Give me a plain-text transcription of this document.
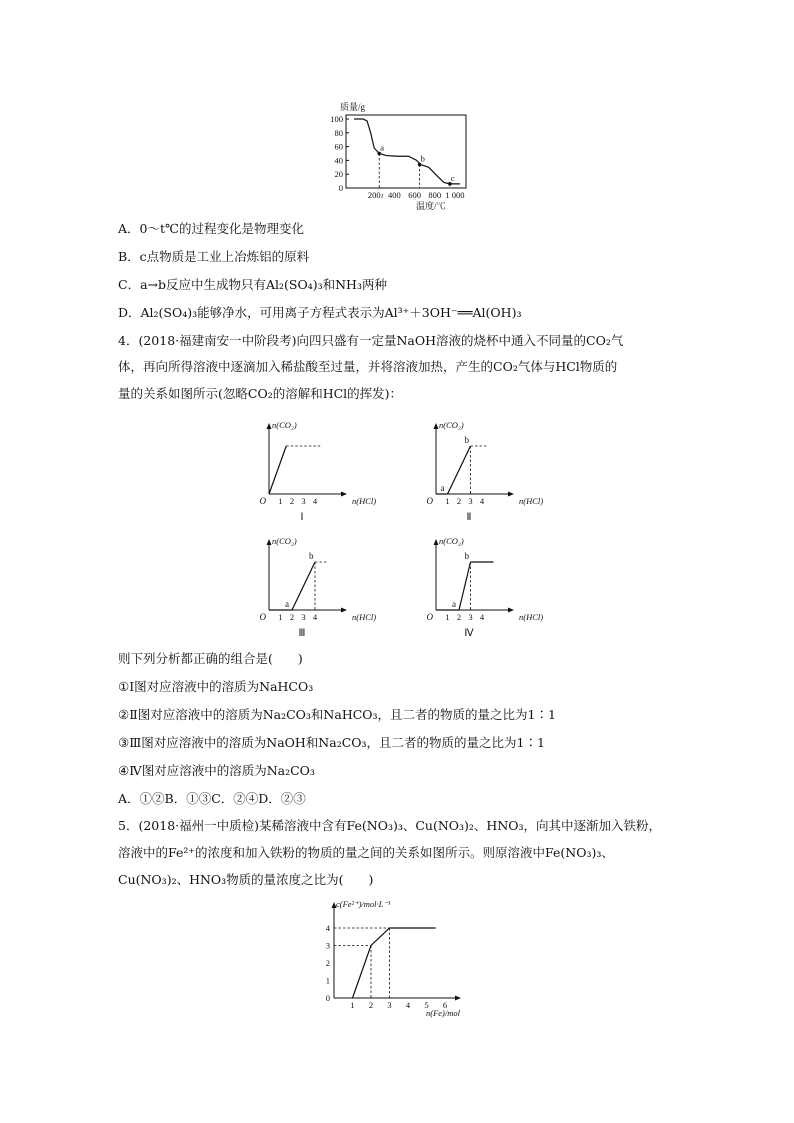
质量/g
100
80
60
40
20
0
200 t 400 600 800 1 000
a
b
c
温度/℃
A．0～t℃的过程变化是物理变化
B．c点物质是工业上冶炼铝的原料
C．a→b反应中生成物只有Al₂(SO₄)₃和NH₃两种
D．Al₂(SO₄)₃能够净水，可用离子方程式表示为Al³⁺＋3OH⁻══Al(OH)₃
4．(2018·福建南安一中阶段考)向四只盛有一定量NaOH溶液的烧杯中通入不同量的CO₂气
体，再向所得溶液中逐滴加入稀盐酸至过量，并将溶液加热，产生的CO₂气体与HCl物质的
量的关系如图所示(忽略CO₂的溶解和HCl的挥发)：
n(CO₂)
O 1 2 3 4	n(HCl)
Ⅰ
n(CO₂)
O 1 2 3 4	n(HCl)
Ⅱ
b
a
n(CO₂)
O 1 2 3 4	n(HCl)
Ⅲ
b
a
n(CO₂)
O 1 2 3 4	n(HCl)
Ⅳ
b
a
则下列分析都正确的组合是(　　)
①Ⅰ图对应溶液中的溶质为NaHCO₃
②Ⅱ图对应溶液中的溶质为Na₂CO₃和NaHCO₃，且二者的物质的量之比为1∶1
③Ⅲ图对应溶液中的溶质为NaOH和Na₂CO₃，且二者的物质的量之比为1∶1
④Ⅳ图对应溶液中的溶质为Na₂CO₃
A．①②B．①③C．②④D．②③
5．(2018·福州一中质检)某稀溶液中含有Fe(NO₃)₃、Cu(NO₃)₂、HNO₃，向其中逐渐加入铁粉，
溶液中的Fe²⁺的浓度和加入铁粉的物质的量之间的关系如图所示。则原溶液中Fe(NO₃)₃、
Cu(NO₃)₂、HNO₃物质的量浓度之比为(　　)
c(Fe²⁺)/mol·L⁻¹
4
3
2
1
0
1 2 3 4 5 6
n(Fe)/mol
